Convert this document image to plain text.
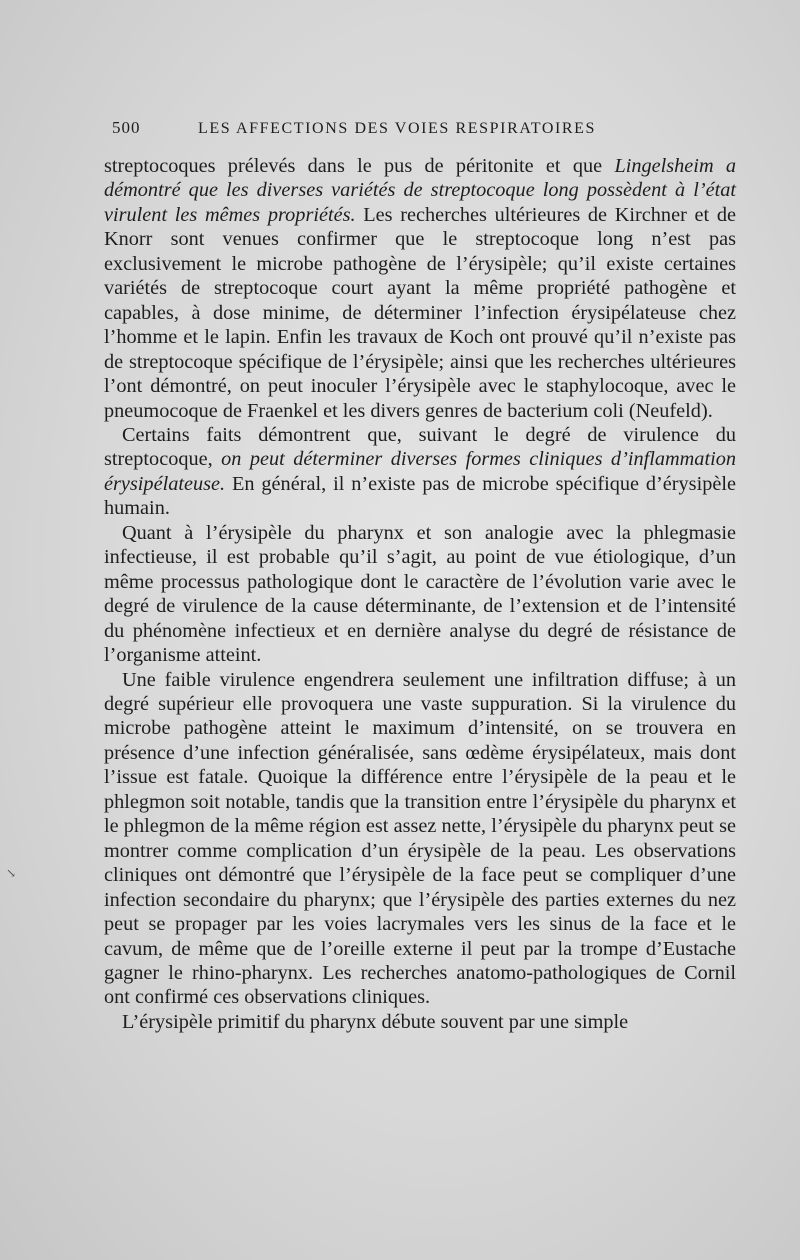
↘
500	LES AFFECTIONS DES VOIES RESPIRATOIRES

streptocoques prélevés dans le pus de péritonite et que Lingelsheim a démontré que les diverses variétés de streptocoque long possèdent à l’état virulent les mêmes propriétés. Les recherches ultérieures de Kirchner et de Knorr sont venues confirmer que le streptocoque long n’est pas exclusivement le microbe pathogène de l’érysipèle; qu’il existe certaines variétés de streptocoque court ayant la même propriété pathogène et capables, à dose minime, de déterminer l’infection érysipélateuse chez l’homme et le lapin. Enfin les travaux de Koch ont prouvé qu’il n’existe pas de streptocoque spécifique de l’érysipèle; ainsi que les recherches ultérieures l’ont démontré, on peut inoculer l’érysipèle avec le staphylocoque, avec le pneumocoque de Fraenkel et les divers genres de bacterium coli (Neufeld).

Certains faits démontrent que, suivant le degré de virulence du streptocoque, on peut déterminer diverses formes cliniques d’inflammation érysipélateuse. En général, il n’existe pas de microbe spécifique d’érysipèle humain.

Quant à l’érysipèle du pharynx et son analogie avec la phlegmasie infectieuse, il est probable qu’il s’agit, au point de vue étiologique, d’un même processus pathologique dont le caractère de l’évolution varie avec le degré de virulence de la cause déterminante, de l’extension et de l’intensité du phénomène infectieux et en dernière analyse du degré de résistance de l’organisme atteint.

Une faible virulence engendrera seulement une infiltration diffuse; à un degré supérieur elle provoquera une vaste suppuration. Si la virulence du microbe pathogène atteint le maximum d’intensité, on se trouvera en présence d’une infection généralisée, sans œdème érysipélateux, mais dont l’issue est fatale. Quoique la différence entre l’érysipèle de la peau et le phlegmon soit notable, tandis que la transition entre l’érysipèle du pharynx et le phlegmon de la même région est assez nette, l’érysipèle du pharynx peut se montrer comme complication d’un érysipèle de la peau. Les observations cliniques ont démontré que l’érysipèle de la face peut se compliquer d’une infection secondaire du pharynx; que l’érysipèle des parties externes du nez peut se propager par les voies lacrymales vers les sinus de la face et le cavum, de même que de l’oreille externe il peut par la trompe d’Eustache gagner le rhino-pharynx. Les recherches anatomo-pathologiques de Cornil ont confirmé ces observations cliniques.

L’érysipèle primitif du pharynx débute souvent par une simple
